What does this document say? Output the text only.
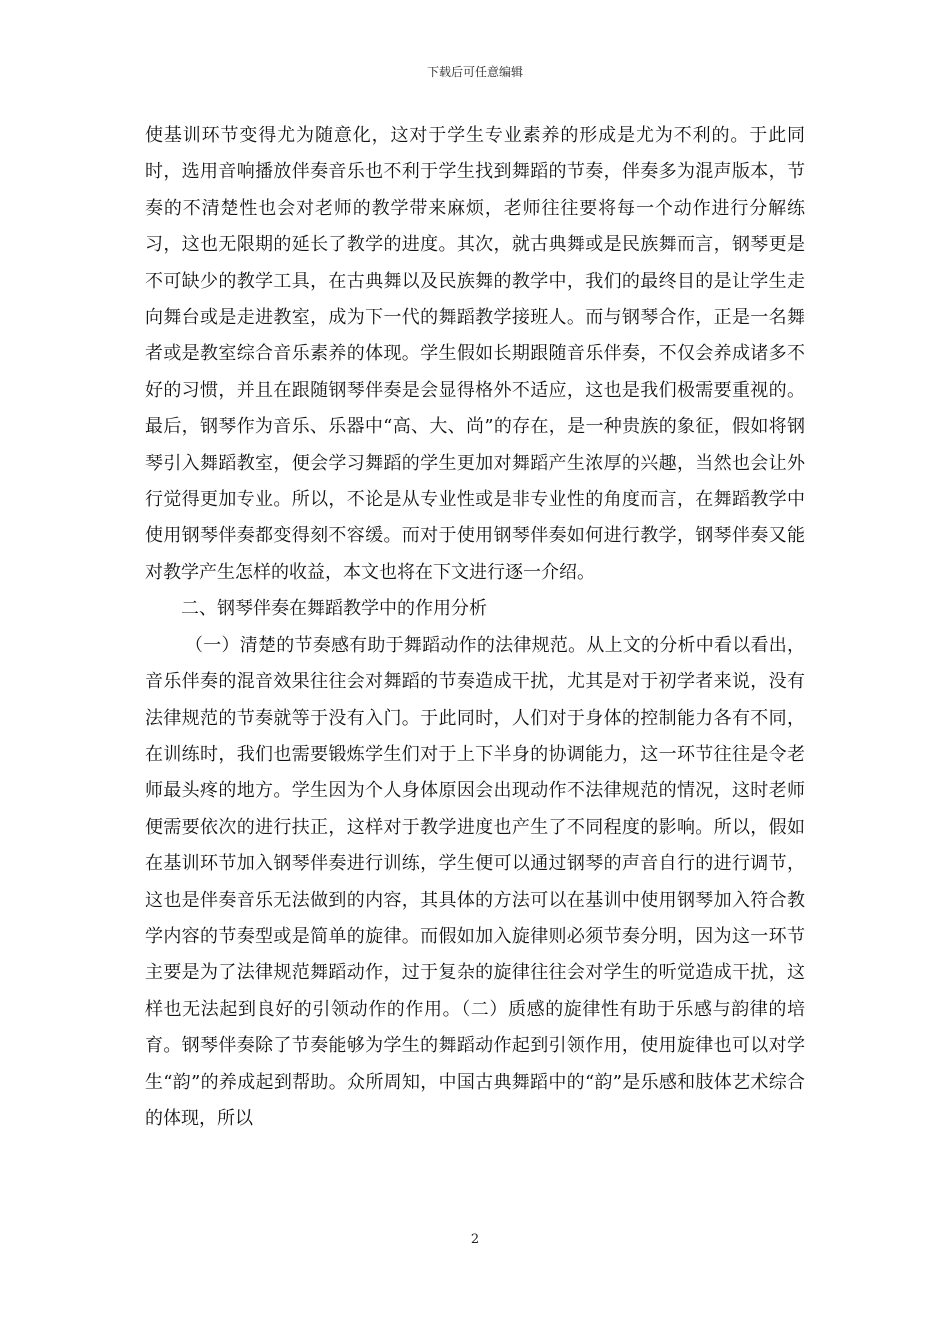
下载后可任意编辑

使基训环节变得尤为随意化，这对于学生专业素养的形成是尤为不利的。于此同时，选用音响播放伴奏音乐也不利于学生找到舞蹈的节奏，伴奏多为混声版本，节奏的不清楚性也会对老师的教学带来麻烦，老师往往要将每一个动作进行分解练习，这也无限期的延长了教学的进度。其次，就古典舞或是民族舞而言，钢琴更是不可缺少的教学工具，在古典舞以及民族舞的教学中，我们的最终目的是让学生走向舞台或是走进教室，成为下一代的舞蹈教学接班人。而与钢琴合作，正是一名舞者或是教室综合音乐素养的体现。学生假如长期跟随音乐伴奏，不仅会养成诸多不好的习惯，并且在跟随钢琴伴奏是会显得格外不适应，这也是我们极需要重视的。最后，钢琴作为音乐、乐器中“高、大、尚”的存在，是一种贵族的象征，假如将钢琴引入舞蹈教室，便会学习舞蹈的学生更加对舞蹈产生浓厚的兴趣，当然也会让外行觉得更加专业。所以，不论是从专业性或是非专业性的角度而言，在舞蹈教学中使用钢琴伴奏都变得刻不容缓。而对于使用钢琴伴奏如何进行教学，钢琴伴奏又能对教学产生怎样的收益，本文也将在下文进行逐一介绍。

二、钢琴伴奏在舞蹈教学中的作用分析

（一）清楚的节奏感有助于舞蹈动作的法律规范。从上文的分析中看以看出，音乐伴奏的混音效果往往会对舞蹈的节奏造成干扰，尤其是对于初学者来说，没有法律规范的节奏就等于没有入门。于此同时，人们对于身体的控制能力各有不同，在训练时，我们也需要锻炼学生们对于上下半身的协调能力，这一环节往往是令老师最头疼的地方。学生因为个人身体原因会出现动作不法律规范的情况，这时老师便需要依次的进行扶正，这样对于教学进度也产生了不同程度的影响。所以，假如在基训环节加入钢琴伴奏进行训练，学生便可以通过钢琴的声音自行的进行调节，这也是伴奏音乐无法做到的内容，其具体的方法可以在基训中使用钢琴加入符合教学内容的节奏型或是简单的旋律。而假如加入旋律则必须节奏分明，因为这一环节主要是为了法律规范舞蹈动作，过于复杂的旋律往往会对学生的听觉造成干扰，这样也无法起到良好的引领动作的作用。（二）质感的旋律性有助于乐感与韵律的培育。钢琴伴奏除了节奏能够为学生的舞蹈动作起到引领作用，使用旋律也可以对学生“韵”的养成起到帮助。众所周知，中国古典舞蹈中的“韵”是乐感和肢体艺术综合的体现，所以

2
